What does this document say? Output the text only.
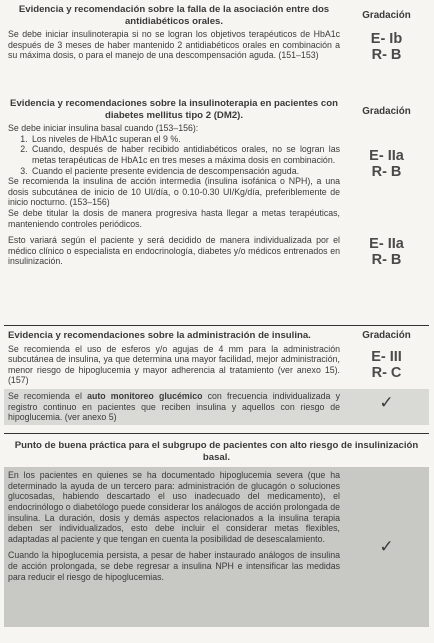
Evidencia y recomendación sobre la falla de la asociación entre dos antidiabéticos orales.
Se debe iniciar insulinoterapia si no se logran los objetivos terapéuticos de HbA1c después de 3 meses de haber mantenido 2 antidiabéticos orales en combinación a su máxima dosis, o para el manejo de una descompensación aguda. (151–153)
Gradación
E- Ib
R- B
Evidencia y recomendaciones sobre la insulinoterapia en pacientes con diabetes mellitus tipo 2 (DM2).
Se debe iniciar insulina basal cuando (153–156):
1. Los niveles de HbA1c superan el 9 %.
2. Cuando, después de haber recibido antidiabéticos orales, no se logran las metas terapéuticas de HbA1c en tres meses a máxima dosis en combinación.
3. Cuando el paciente presente evidencia de descompensación aguda.
Se recomienda la insulina de acción intermedia (insulina isofánica o NPH), a una dosis subcutánea de inicio de 10 UI/día, o 0.10-0.30 UI/Kg/día, preferiblemente de inicio nocturno. (153–156)
Se debe titular la dosis de manera progresiva hasta llegar a metas terapéuticas, manteniendo controles periódicos.
Esto variará según el paciente y será decidido de manera individualizada por el médico clínico o especialista en endocrinología, diabetes y/o médicos entrenados en insulinización.
Gradación
E- IIa
R- B
E- IIa
R- B
Evidencia y recomendaciones sobre la administración de insulina.
Se recomienda el uso de esferos y/o agujas de 4 mm para la administración subcutánea de insulina, ya que determina una mayor facilidad, mejor administración, menor riesgo de hipoglucemia y mayor adherencia al tratamiento (ver anexo 15). (157)
Gradación
E- III
R- C
Se recomienda el auto monitoreo glucémico con frecuencia individualizada y registro continuo en pacientes que reciben insulina y aquellos con riesgo de hipoglucemia. (ver anexo 5)
✓
Punto de buena práctica para el subgrupo de pacientes con alto riesgo de insulinización basal.
En los pacientes en quienes se ha documentado hipoglucemia severa (que ha determinado la ayuda de un tercero para: administración de glucagón o soluciones glucosadas, habiendo descartado el uso inadecuado del medicamento), el endocrinólogo o diabetólogo puede considerar los análogos de acción prolongada de insulina. La duración, dosis y demás aspectos relacionados a la insulina terapia deben ser individualizados, esto debe incluir el considerar metas flexibles, adaptadas al paciente y que tengan en cuenta la posibilidad de desescalamiento.
Cuando la hipoglucemia persista, a pesar de haber instaurado análogos de insulina de acción prolongada, se debe regresar a insulina NPH e intensificar las medidas para reducir el riesgo de hipoglucemias.
✓
